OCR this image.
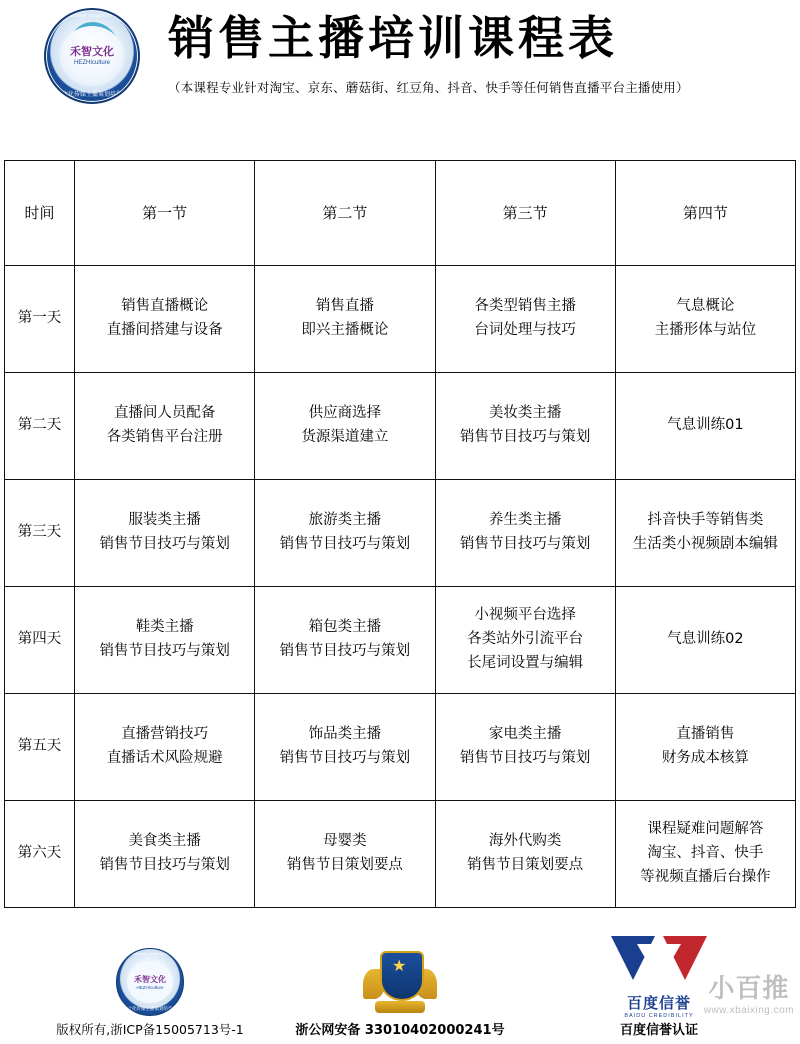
Hezhi cultural creativity Co.,Ltd
禾智文化
HEZHIculture
禾智文化传媒主播策划培训机构
销售主播培训课程表
（本课程专业针对淘宝、京东、蘑菇街、红豆角、抖音、快手等任何销售直播平台主播使用）
时间	第一节	第二节	第三节	第四节
第一天	
销售直播概论
直播间搭建与设备

销售直播
即兴主播概论

各类型销售主播
台词处理与技巧

气息概论
主播形体与站位

第二天	
直播间人员配备
各类销售平台注册

供应商选择
货源渠道建立

美妆类主播
销售节目技巧与策划

气息训练01

第三天	
服装类主播
销售节目技巧与策划

旅游类主播
销售节目技巧与策划

养生类主播
销售节目技巧与策划

抖音快手等销售类
生活类小视频剧本编辑

第四天	
鞋类主播
销售节目技巧与策划

箱包类主播
销售节目技巧与策划

小视频平台选择
各类站外引流平台
长尾词设置与编辑

气息训练02

第五天	
直播营销技巧
直播话术风险规避

饰品类主播
销售节目技巧与策划

家电类主播
销售节目技巧与策划

直播销售
财务成本核算

第六天	
美食类主播
销售节目技巧与策划

母婴类
销售节目策划要点

海外代购类
销售节目策划要点

课程疑难问题解答
淘宝、抖音、快手
等视频直播后台操作
Hezhi cultural creativity Co.,Ltd
禾智文化
HEZHIculture
禾智文化传媒主播策划培训机构
版权所有,浙ICP备15005713号-1
★
浙公网安备 33010402000241号
百度信誉
BAIDU CREDIBILITY
百度信誉认证
小百推
www.xbaixing.com
